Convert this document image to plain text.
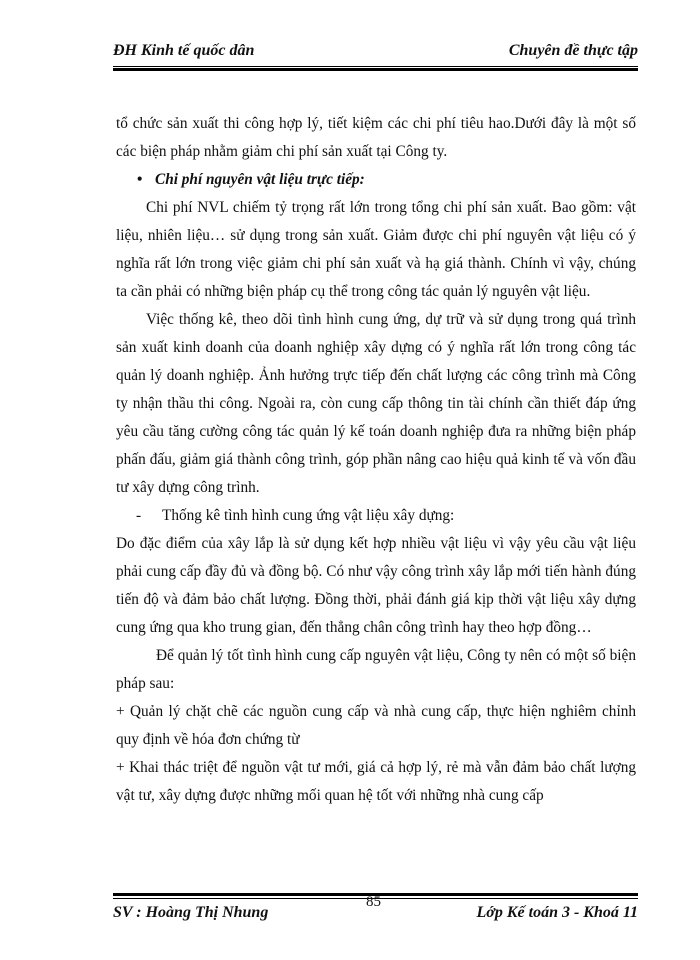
ĐH Kinh tế quốc dân	Chuyên đề thực tập

tổ chức sản xuất thi công hợp lý, tiết kiệm các chi phí tiêu hao.Dưới đây là một số các biện pháp nhằm giảm chi phí sản xuất tại Công ty.

• Chi phí nguyên vật liệu trực tiếp:

Chi phí NVL chiếm tỷ trọng rất lớn trong tổng chi phí sản xuất. Bao gồm: vật liệu, nhiên liệu… sử dụng trong sản xuất. Giảm được chi phí nguyên vật liệu có ý nghĩa rất lớn trong việc giảm chi phí sản xuất và hạ giá thành. Chính vì vậy, chúng ta cần phải có những biện pháp cụ thể trong công tác quản lý nguyên vật liệu.

Việc thống kê, theo dõi tình hình cung ứng, dự trữ và sử dụng trong quá trình sản xuất kinh doanh của doanh nghiệp xây dựng có ý nghĩa rất lớn trong công tác quản lý doanh nghiệp. Ảnh hưởng trực tiếp đến chất lượng các công trình mà Công ty nhận thầu thi công. Ngoài ra, còn cung cấp thông tin tài chính cần thiết đáp ứng yêu cầu tăng cường công tác quản lý kế toán doanh nghiệp đưa ra những biện pháp phấn đấu, giảm giá thành công trình, góp phần nâng cao hiệu quả kinh tế và vốn đầu tư xây dựng công trình.

- Thống kê tình hình cung ứng vật liệu xây dựng:

Do đặc điểm của xây lắp là sử dụng kết hợp nhiều vật liệu vì vậy yêu cầu vật liệu phải cung cấp đầy đủ và đồng bộ. Có như vậy công trình xây lắp mới tiến hành đúng tiến độ và đảm bảo chất lượng. Đồng thời, phải đánh giá kịp thời vật liệu xây dựng cung ứng qua kho trung gian, đến thẳng chân công trình hay theo hợp đồng…

Để quản lý tốt tình hình cung cấp nguyên vật liệu, Công ty nên có một số biện pháp sau:

+ Quản lý chặt chẽ các nguồn cung cấp và nhà cung cấp, thực hiện nghiêm chỉnh quy định về hóa đơn chứng từ

+ Khai thác triệt để nguồn vật tư mới, giá cả hợp lý, rẻ mà vẫn đảm bảo chất lượng vật tư, xây dựng được những mối quan hệ tốt với những nhà cung cấp

SV : Hoàng Thị Nhung
85
Lớp Kế toán 3 - Khoá 11
